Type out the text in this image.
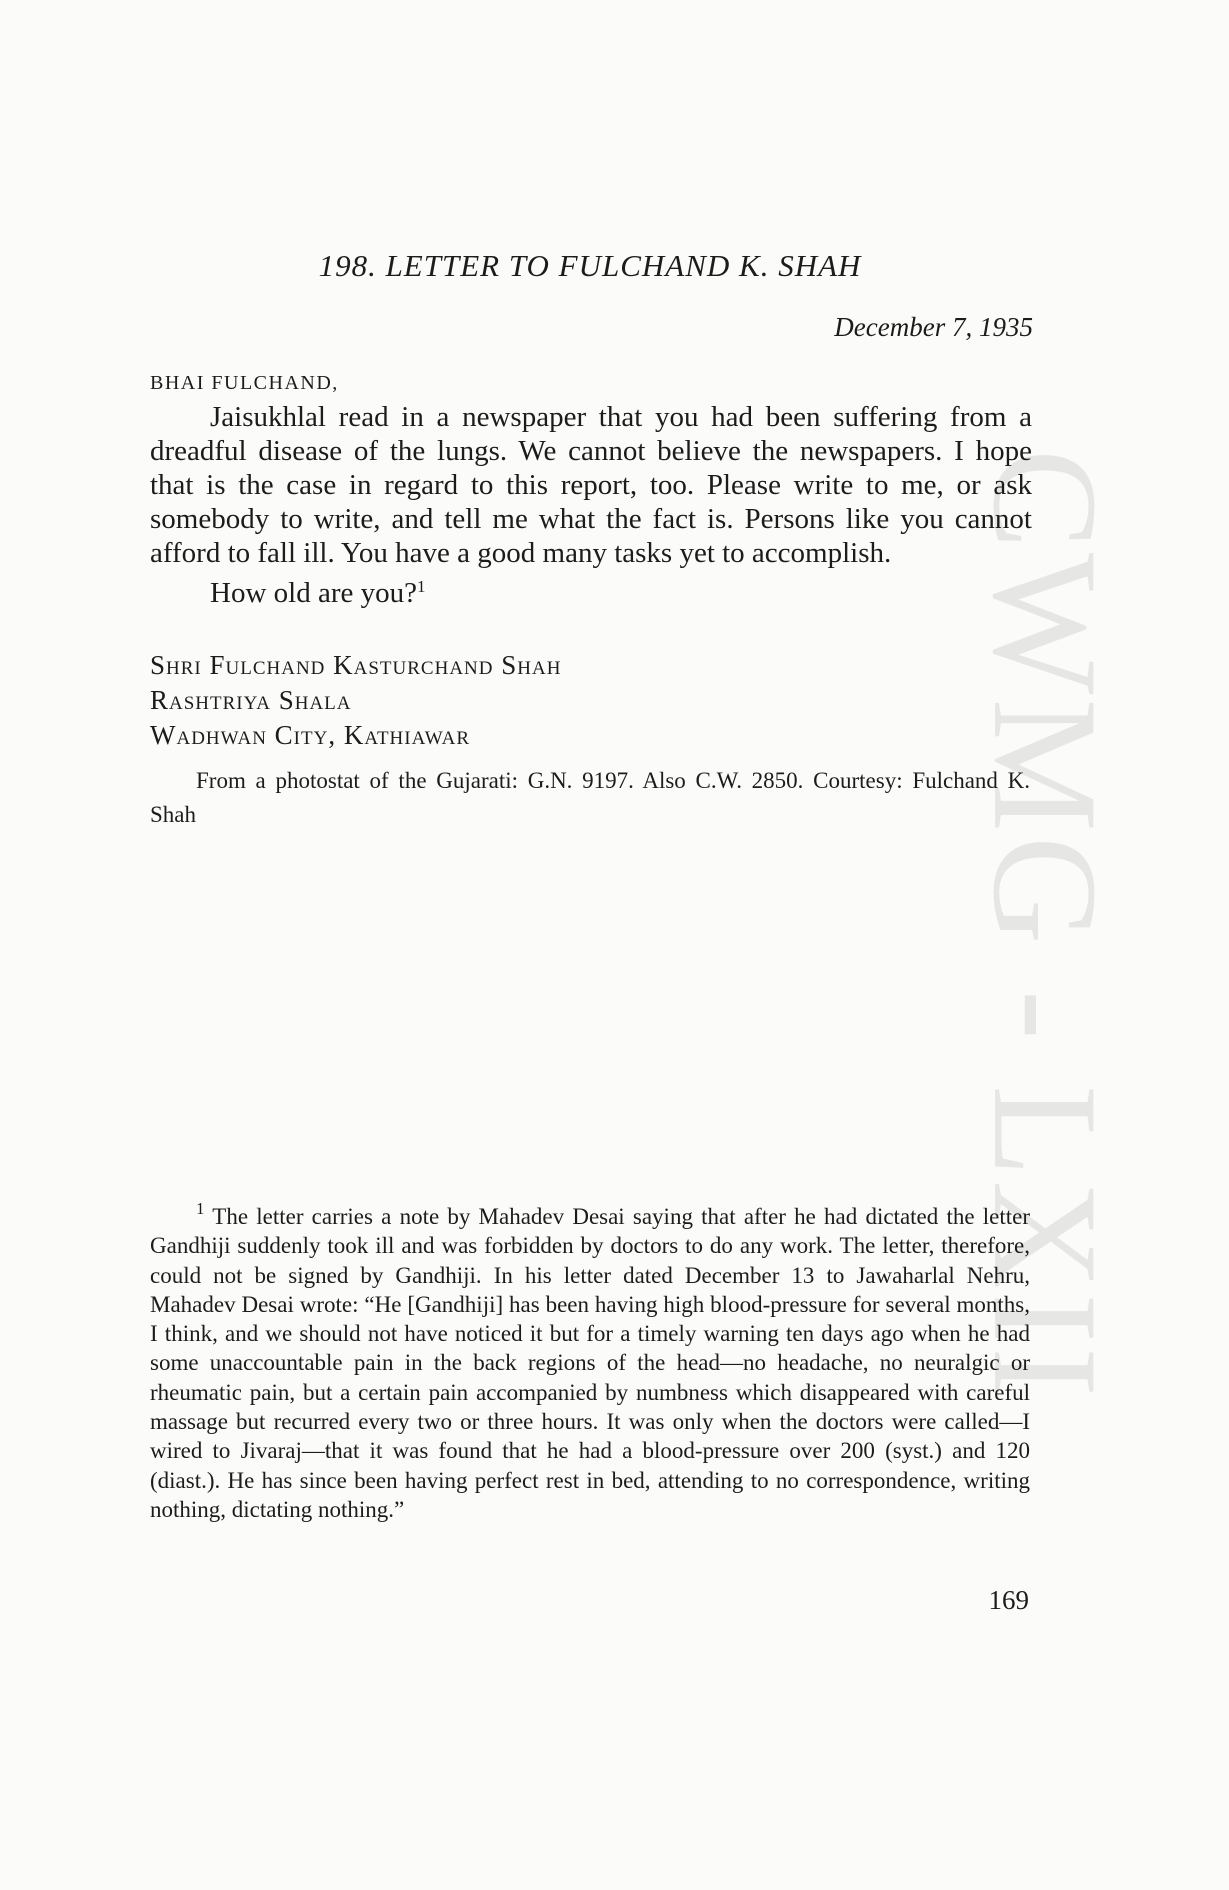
CWMG - LXII
198. LETTER TO FULCHAND K. SHAH
December 7, 1935
BHAI FULCHAND,

Jaisukhlal read in a newspaper that you had been suffering from a dreadful disease of the lungs. We cannot believe the newspapers. I hope that is the case in regard to this report, too. Please write to me, or ask somebody to write, and tell me what the fact is. Persons like you cannot afford to fall ill. You have a good many tasks yet to accomplish.

How old are you?$^1$

Shri Fulchand Kasturchand Shah
Rashtriya Shala
Wadhwan City, Kathiawar

From a photostat of the Gujarati: G.N. 9197. Also C.W. 2850. Courtesy: Fulchand K. Shah

$^1$ The letter carries a note by Mahadev Desai saying that after he had dictated the letter Gandhiji suddenly took ill and was forbidden by doctors to do any work. The letter, therefore, could not be signed by Gandhiji. In his letter dated December 13 to Jawaharlal Nehru, Mahadev Desai wrote: “He [Gandhiji] has been having high blood-pressure for several months, I think, and we should not have noticed it but for a timely warning ten days ago when he had some unaccountable pain in the back regions of the head—no headache, no neuralgic or rheumatic pain, but a certain pain accompanied by numbness which disappeared with careful massage but recurred every two or three hours. It was only when the doctors were called—I wired to Jivaraj—that it was found that he had a blood-pressure over 200 (syst.) and 120 (diast.). He has since been having perfect rest in bed, attending to no correspondence, writing nothing, dictating nothing.”
169
